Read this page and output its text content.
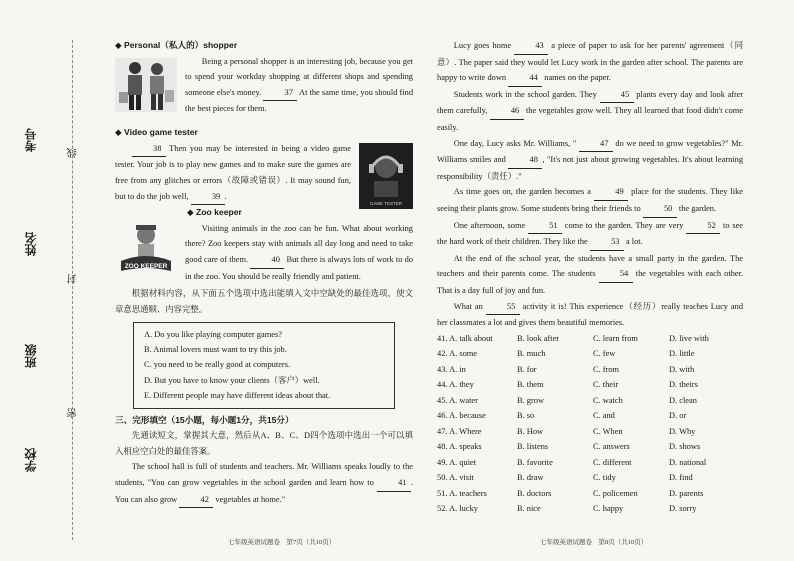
考号
姓名
班级
学校
线
封
密
◆ Personal（私人的）shopper

Being a personal shopper is an interesting job, because you get to spend your workday shopping at different shops and spending someone else's money.	37 At the same time, you should find the best pieces for them.

◆ Video game tester
GAME TESTER

38 Then you may be interested in being a video game tester. Your job is to play new games and to make sure the games are free from any glitches or errors（故障或错误）. It may sound fun, but to do the job well,	39 .

◆ Zoo keeper
ZOO KEEPER

Visiting animals in the zoo can be fun. What about working there? Zoo keepers stay with animals all day long and need to take good care of them.	40 But there is always lots of work to do in the zoo. You should be really friendly and patient.

根据材料内容，从下面五个选项中选出能填入文中空缺处的最佳选项，使文章意思通顺、内容完整。

A. Do you like playing computer games?
B. Animal lovers must want to try this job.
C. you need to be really good at computers.
D. But you have to know your clients（客户）well.
E. Different people may have different ideas about that.
三、完形填空（15小题，每小题1分，共15分）

先通读短文，掌握其大意，然后从A、B、C、D四个选项中选出一个可以填入相应空白处的最佳答案。

The school hall is full of students and teachers. Mr. Williams speaks loudly to the students, "You can grow vegetables in the school garden and learn how to	41 . You can also grow	42 vegetables at home."

七年级英语试题卷　第7页（共10页）

Lucy goes home	43 a piece of paper to ask for her parents' agreement（同意）. The paper said they would let Lucy work in the garden after school. The parents are happy to write down	44 names on the paper.

Students work in the school garden. They	45 plants every day and look after them carefully,	46 the vegetables grow well. They all learned that food didn't come easily.

One day, Lucy asks Mr. Williams, "	47 do we need to grow vegetables?" Mr. Williams smiles and	48 , "It's not just about growing vegetables. It's about learning responsibility（责任）."

As time goes on, the garden becomes a	49 place for the students. They like seeing their plants grow. Some students bring their friends to	50 the garden.

One afternoon, some	51 come to the garden. They are very	52 to see the hard work of their children. They like the	53 a lot.

At the end of the school year, the students have a small party in the garden. The teachers and their parents come. The students	54 the vegetables with each other. That is a day full of joy and fun.

What an	55 activity it is! This experience（经历）really teaches Lucy and her classmates a lot and gives them beautiful memories.

41. A. talk about	B. look after	C. learn from	D. live with
42. A. some	B. much	C. few	D. little
43. A. in	B. for	C. from	D. with
44. A. they	B. them	C. their	D. theirs
45. A. water	B. grow	C. watch	D. clean
46. A. because	B. so	C. and	D. or
47. A. Where	B. How	C. When	D. Why
48. A. speaks	B. listens	C. answers	D. shows
49. A. quiet	B. favorite	C. different	D. national
50. A. visit	B. draw	C. tidy	D. find
51. A. teachers	B. doctors	C. policemen	D. parents
52. A. lucky	B. nice	C. happy	D. sorry
七年级英语试题卷　第8页（共10页）
